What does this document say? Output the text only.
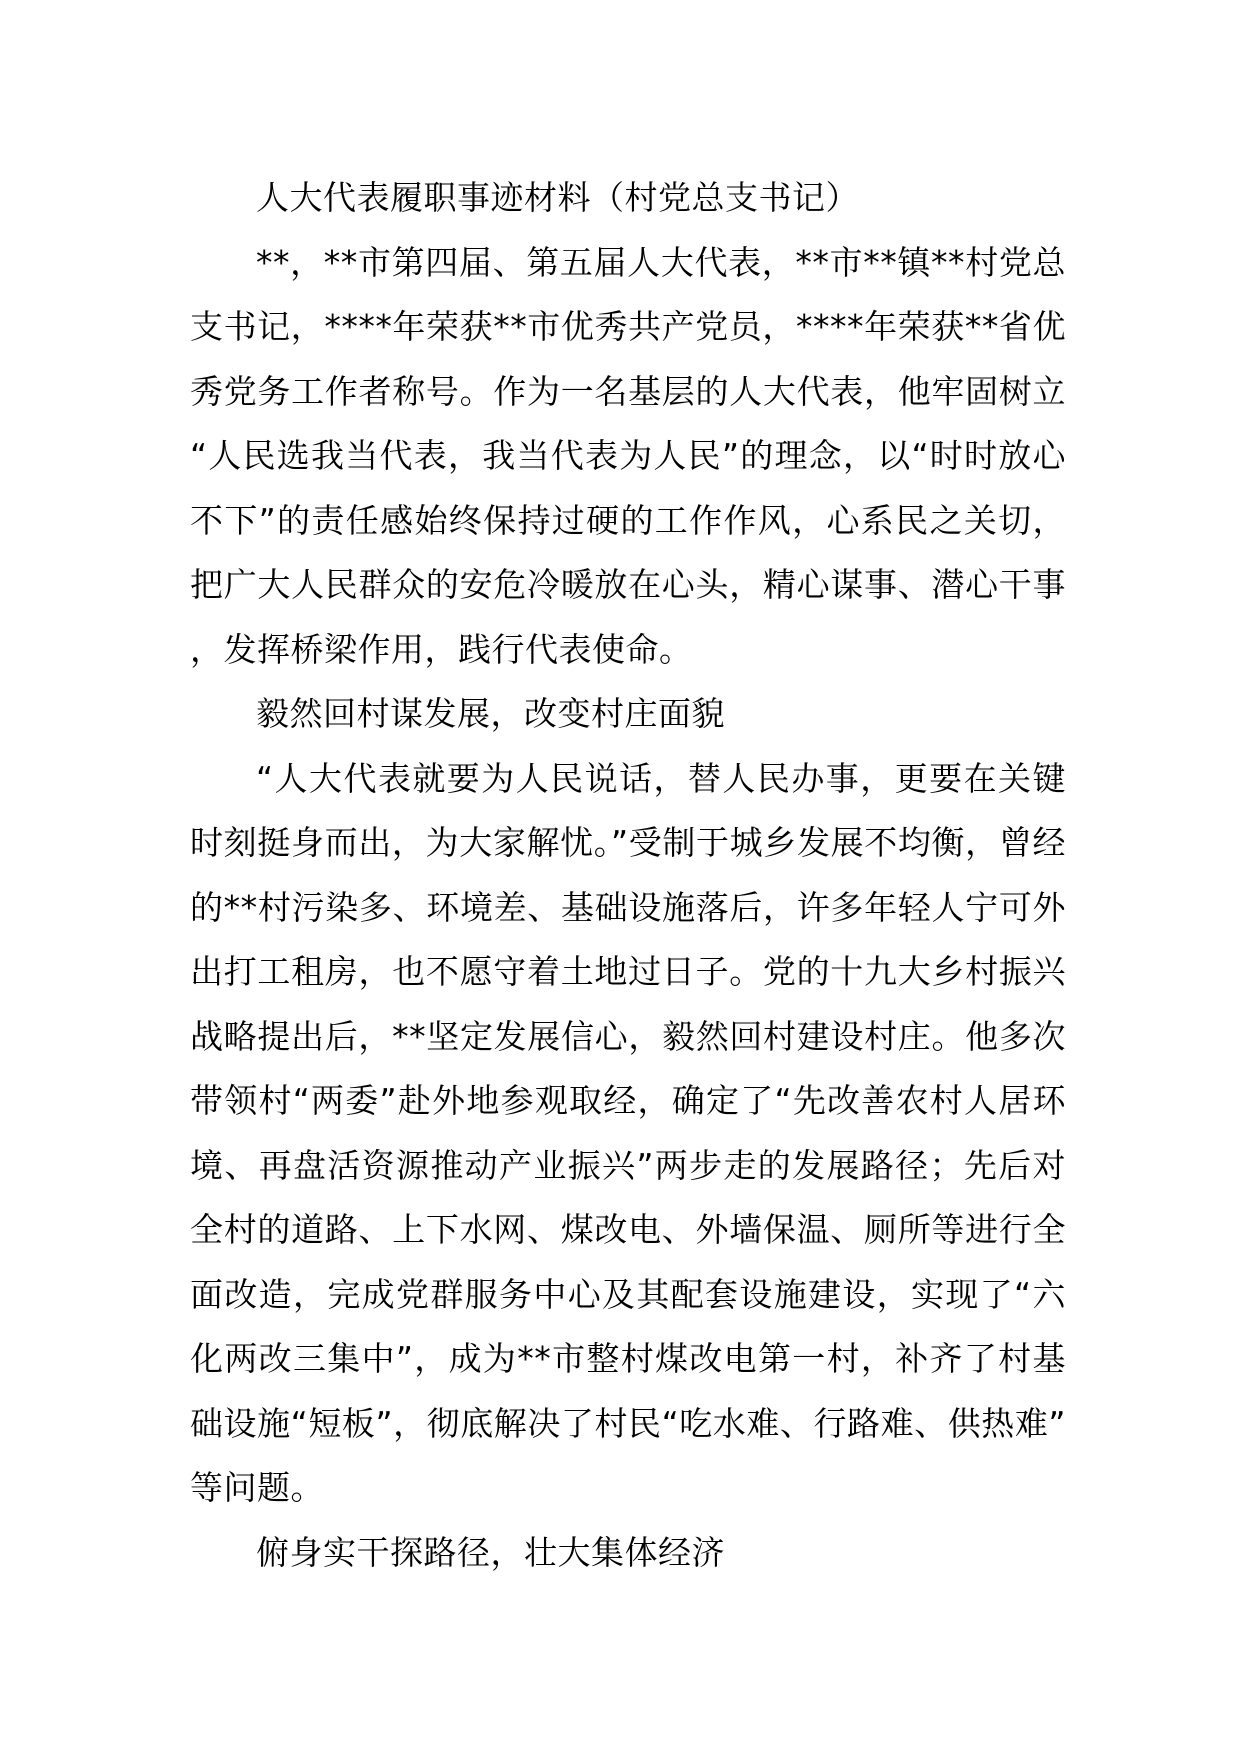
人大代表履职事迹材料（村党总支书记）

**，**市第四届、第五届人大代表，**市**镇**村党总支书记，****年荣获**市优秀共产党员，****年荣获**省优秀党务工作者称号。作为一名基层的人大代表，他牢固树立“人民选我当代表，我当代表为人民”的理念，以“时时放心不下”的责任感始终保持过硬的工作作风，心系民之关切，把广大人民群众的安危冷暖放在心头，精心谋事、潜心干事，发挥桥梁作用，践行代表使命。

毅然回村谋发展，改变村庄面貌

“人大代表就要为人民说话，替人民办事，更要在关键时刻挺身而出，为大家解忧。”受制于城乡发展不均衡，曾经的**村污染多、环境差、基础设施落后，许多年轻人宁可外出打工租房，也不愿守着土地过日子。党的十九大乡村振兴战略提出后，**坚定发展信心，毅然回村建设村庄。他多次带领村“两委”赴外地参观取经，确定了“先改善农村人居环境、再盘活资源推动产业振兴”两步走的发展路径；先后对全村的道路、上下水网、煤改电、外墙保温、厕所等进行全面改造，完成党群服务中心及其配套设施建设，实现了“六化两改三集中”，成为**市整村煤改电第一村，补齐了村基础设施“短板”，彻底解决了村民“吃水难、行路难、供热难”等问题。

俯身实干探路径，壮大集体经济
